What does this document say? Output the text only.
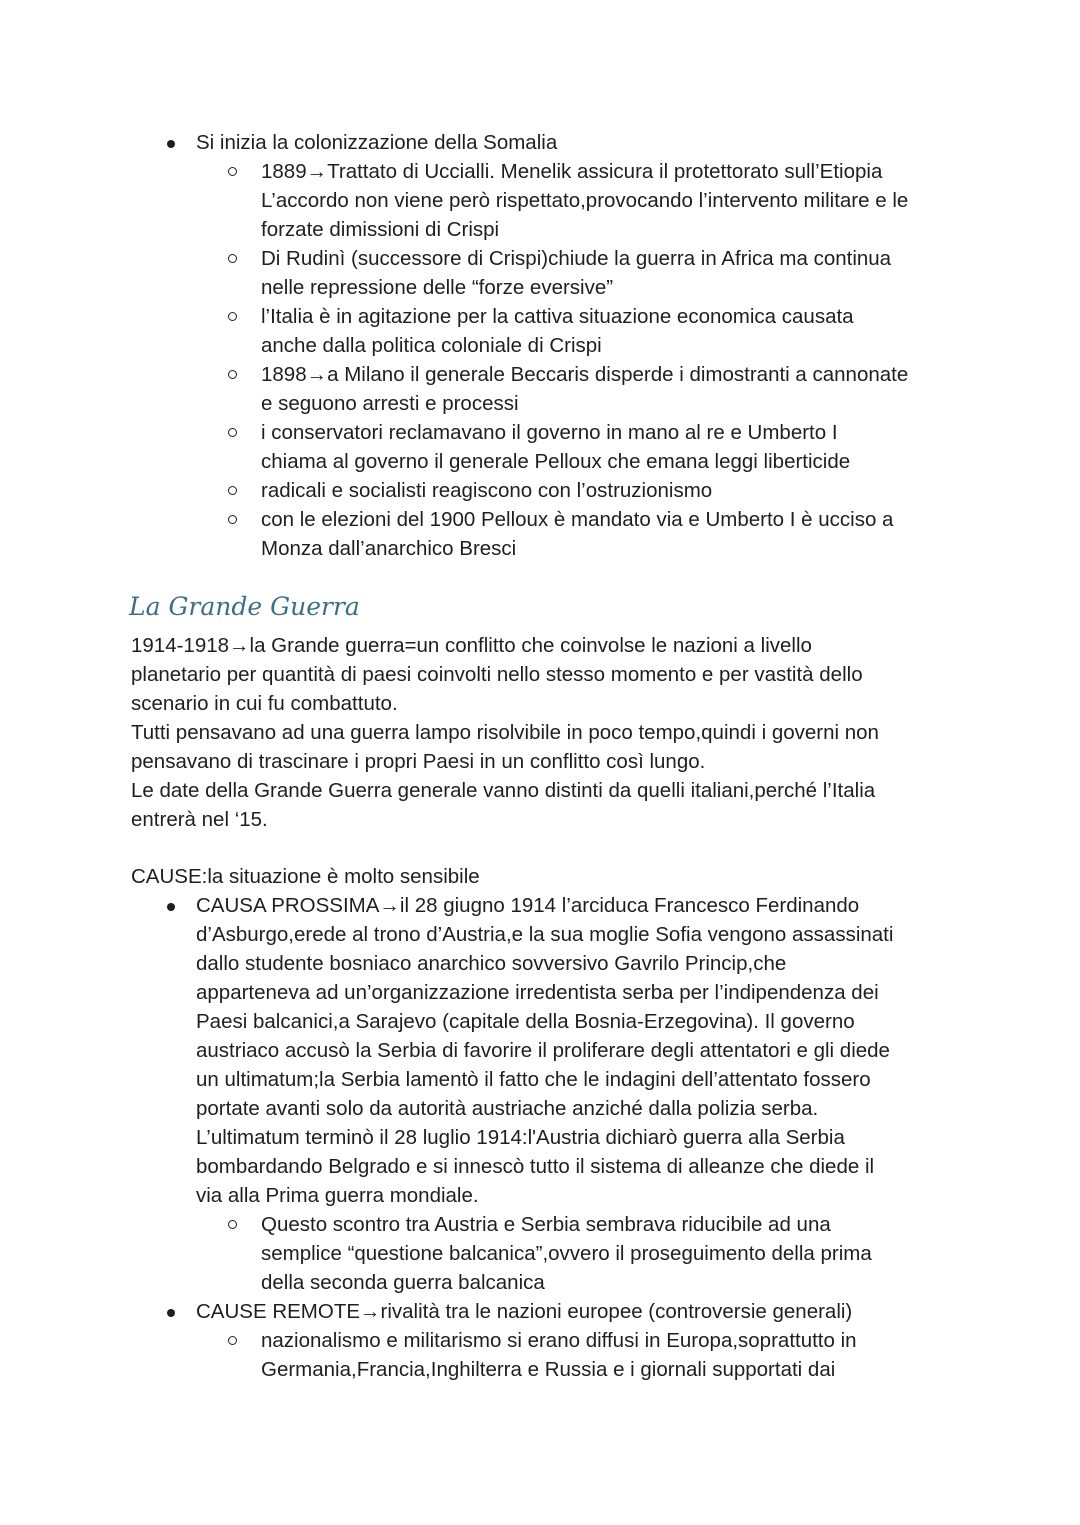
Si inizia la colonizzazione della Somalia
1889→Trattato di Uccialli. Menelik assicura il protettorato sull’Etiopia
L’accordo non viene però rispettato,provocando l’intervento militare e le
forzate dimissioni di Crispi
Di Rudinì (successore di Crispi)chiude la guerra in Africa ma continua
nelle repressione delle “forze eversive”
l’Italia è in agitazione per la cattiva situazione economica causata
anche dalla politica coloniale di Crispi
1898→a Milano il generale Beccaris disperde i dimostranti a cannonate
e seguono arresti e processi
i conservatori reclamavano il governo in mano al re e Umberto I
chiama al governo il generale Pelloux che emana leggi liberticide
radicali e socialisti reagiscono con l’ostruzionismo
con le elezioni del 1900 Pelloux è mandato via e Umberto I è ucciso a
Monza dall’anarchico Bresci
La Grande Guerra
1914-1918→la Grande guerra=un conflitto che coinvolse le nazioni a livello
planetario per quantità di paesi coinvolti nello stesso momento e per vastità dello
scenario in cui fu combattuto.
Tutti pensavano ad una guerra lampo risolvibile in poco tempo,quindi i governi non
pensavano di trascinare i propri Paesi in un conflitto così lungo.
Le date della Grande Guerra generale vanno distinti da quelli italiani,perché l’Italia
entrerà nel ‘15.
CAUSE:la situazione è molto sensibile
CAUSA PROSSIMA→il 28 giugno 1914 l’arciduca Francesco Ferdinando
d’Asburgo,erede al trono d’Austria,e la sua moglie Sofia vengono assassinati
dallo studente bosniaco anarchico sovversivo Gavrilo Princip,che
apparteneva ad un’organizzazione irredentista serba per l’indipendenza dei
Paesi balcanici,a Sarajevo (capitale della Bosnia-Erzegovina). Il governo
austriaco accusò la Serbia di favorire il proliferare degli attentatori e gli diede
un ultimatum;la Serbia lamentò il fatto che le indagini dell’attentato fossero
portate avanti solo da autorità austriache anziché dalla polizia serba.
L’ultimatum terminò il 28 luglio 1914:l'Austria dichiarò guerra alla Serbia
bombardando Belgrado e si innescò tutto il sistema di alleanze che diede il
via alla Prima guerra mondiale.
Questo scontro tra Austria e Serbia sembrava riducibile ad una
semplice “questione balcanica”,ovvero il proseguimento della prima
della seconda guerra balcanica
CAUSE REMOTE→rivalità tra le nazioni europee (controversie generali)
nazionalismo e militarismo si erano diffusi in Europa,soprattutto in
Germania,Francia,Inghilterra e Russia e i giornali supportati dai
